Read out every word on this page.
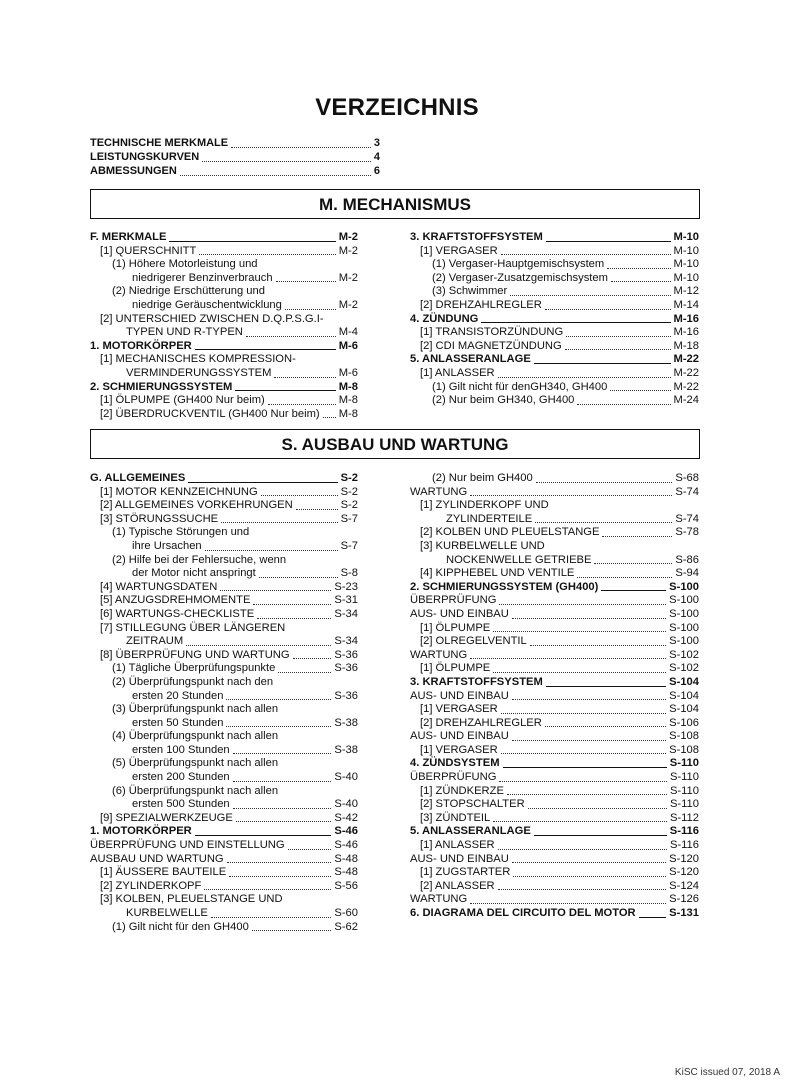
VERZEICHNIS
TECHNISCHE MERKMALE	3
LEISTUNGSKURVEN	4
ABMESSUNGEN	6
M. MECHANISMUS
F. MERKMALE	M-2
[1] QUERSCHNITT	M-2
(1) Höhere Motorleistung und
niedrigerer Benzinverbrauch	M-2
(2) Niedrige Erschütterung und
niedrige Geräuschentwicklung	M-2
[2] UNTERSCHIED ZWISCHEN D.Q.P.S.G.I-
TYPEN UND R-TYPEN	M-4
1. MOTORKÖRPER	M-6
[1] MECHANISCHES KOMPRESSION-
VERMINDERUNGSSYSTEM	M-6
2. SCHMIERUNGSSYSTEM	M-8
[1] ÖLPUMPE (GH400 Nur beim)	M-8
[2] ÜBERDRUCKVENTIL (GH400 Nur beim) M-8
3. KRAFTSTOFFSYSTEM	M-10
[1] VERGASER	M-10
(1) Vergaser-Hauptgemischsystem	M-10
(2) Vergaser-Zusatzgemischsystem	M-10
(3) Schwimmer	M-12
[2] DREHZAHLREGLER	M-14
4. ZÜNDUNG	M-16
[1] TRANSISTORZÜNDUNG	M-16
[2] CDI MAGNETZÜNDUNG	M-18
5. ANLASSERANLAGE	M-22
[1] ANLASSER	M-22
(1) Gilt nicht für denGH340, GH400	M-22
(2) Nur beim GH340, GH400	M-24
S. AUSBAU UND WARTUNG
G. ALLGEMEINES	S-2
[1] MOTOR KENNZEICHNUNG	S-2
[2] ALLGEMEINES VORKEHRUNGEN	S-2
[3] STÖRUNGSSUCHE	S-7
(1) Typische Störungen und
ihre Ursachen	S-7
(2) Hilfe bei der Fehlersuche, wenn
der Motor nicht anspringt	S-8
[4] WARTUNGSDATEN	S-23
[5] ANZUGSDREHMOMENTE	S-31
[6] WARTUNGS-CHECKLISTE	S-34
[7] STILLEGUNG ÜBER LÄNGEREN
ZEITRAUM	S-34
[8] ÜBERPRÜFUNG UND WARTUNG	S-36
(1) Tägliche Überprüfungspunkte	S-36
(2) Überprüfungspunkt nach den
ersten 20 Stunden	S-36
(3) Überprüfungspunkt nach allen
ersten 50 Stunden	S-38
(4) Überprüfungspunkt nach allen
ersten 100 Stunden	S-38
(5) Überprüfungspunkt nach allen
ersten 200 Stunden	S-40
(6) Überprüfungspunkt nach allen
ersten 500 Stunden	S-40
[9] SPEZIALWERKZEUGE	S-42
1. MOTORKÖRPER	S-46
ÜBERPRÜFUNG UND EINSTELLUNG	S-46
AUSBAU UND WARTUNG	S-48
[1] ÄUSSERE BAUTEILE	S-48
[2] ZYLINDERKOPF	S-56
[3] KOLBEN, PLEUELSTANGE UND
KURBELWELLE	S-60
(1) Gilt nicht für den GH400	S-62
(2) Nur beim GH400	S-68
WARTUNG	S-74
[1] ZYLINDERKOPF UND
ZYLINDERTEILE	S-74
[2] KOLBEN UND PLEUELSTANGE	S-78
[3] KURBELWELLE UND
NOCKENWELLE GETRIEBE	S-86
[4] KIPPHEBEL UND VENTILE	S-94
2. SCHMIERUNGSSYSTEM (GH400)	S-100
ÜBERPRÜFUNG	S-100
AUS- UND EINBAU	S-100
[1] ÖLPUMPE	S-100
[2] OLREGELVENTIL	S-100
WARTUNG	S-102
[1] ÖLPUMPE	S-102
3. KRAFTSTOFFSYSTEM	S-104
AUS- UND EINBAU	S-104
[1] VERGASER	S-104
[2] DREHZAHLREGLER	S-106
AUS- UND EINBAU	S-108
[1] VERGASER	S-108
4. ZÜNDSYSTEM	S-110
ÜBERPRÜFUNG	S-110
[1] ZÜNDKERZE	S-110
[2] STOPSCHALTER	S-110
[3] ZÜNDTEIL	S-112
5. ANLASSERANLAGE	S-116
[1] ANLASSER	S-116
AUS- UND EINBAU	S-120
[1] ZUGSTARTER	S-120
[2] ANLASSER	S-124
WARTUNG	S-126
6. DIAGRAMA DEL CIRCUITO DEL MOTOR	S-131
KiSC issued 07, 2018 A
